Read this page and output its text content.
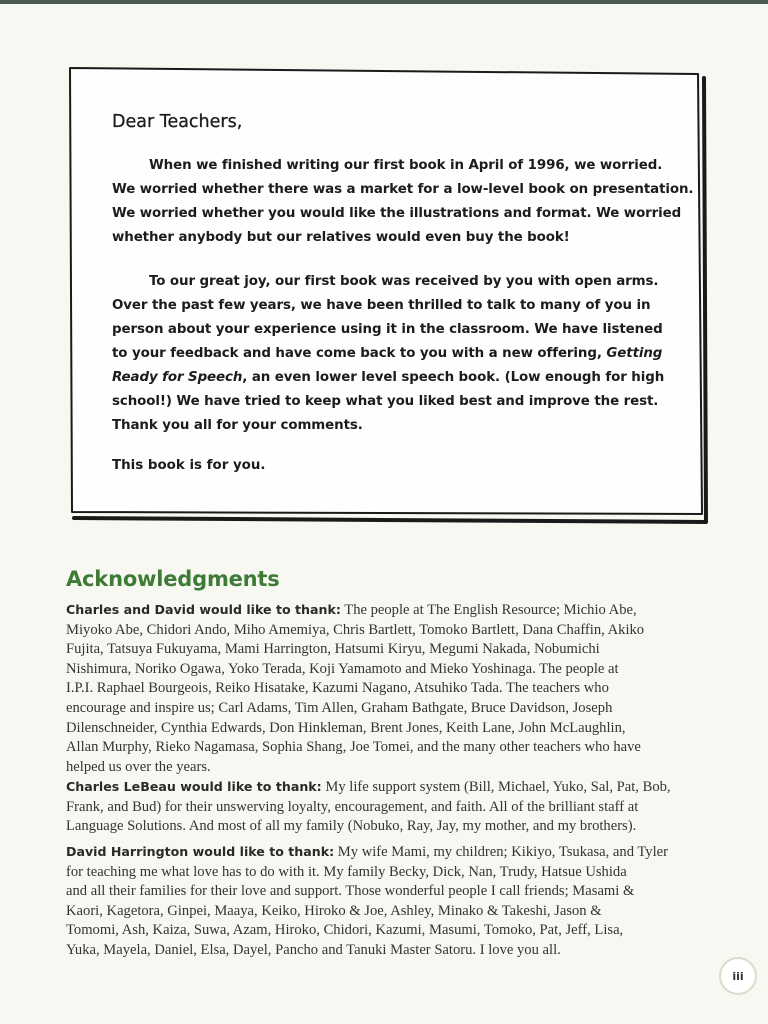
Dear Teachers,

When we finished writing our first book in April of 1996, we worried.
We worried whether there was a market for a low-level book on presentation.
We worried whether you would like the illustrations and format. We worried
whether anybody but our relatives would even buy the book!

To our great joy, our first book was received by you with open arms.
Over the past few years, we have been thrilled to talk to many of you in
person about your experience using it in the classroom. We have listened
to your feedback and have come back to you with a new offering, Getting
Ready for Speech, an even lower level speech book. (Low enough for high
school!) We have tried to keep what you liked best and improve the rest.
Thank you all for your comments.

This book is for you.

Acknowledgments

Charles and David would like to thank: The people at The English Resource; Michio Abe,
Miyoko Abe, Chidori Ando, Miho Amemiya, Chris Bartlett, Tomoko Bartlett, Dana Chaffin, Akiko
Fujita, Tatsuya Fukuyama, Mami Harrington, Hatsumi Kiryu, Megumi Nakada, Nobumichi
Nishimura, Noriko Ogawa, Yoko Terada, Koji Yamamoto and Mieko Yoshinaga. The people at
I.P.I. Raphael Bourgeois, Reiko Hisatake, Kazumi Nagano, Atsuhiko Tada. The teachers who
encourage and inspire us; Carl Adams, Tim Allen, Graham Bathgate, Bruce Davidson, Joseph
Dilenschneider, Cynthia Edwards, Don Hinkleman, Brent Jones, Keith Lane, John McLaughlin,
Allan Murphy, Rieko Nagamasa, Sophia Shang, Joe Tomei, and the many other teachers who have
helped us over the years.

Charles LeBeau would like to thank: My life support system (Bill, Michael, Yuko, Sal, Pat, Bob,
Frank, and Bud) for their unswerving loyalty, encouragement, and faith. All of the brilliant staff at
Language Solutions. And most of all my family (Nobuko, Ray, Jay, my mother, and my brothers).

David Harrington would like to thank: My wife Mami, my children; Kikiyo, Tsukasa, and Tyler
for teaching me what love has to do with it. My family Becky, Dick, Nan, Trudy, Hatsue Ushida
and all their families for their love and support. Those wonderful people I call friends; Masami &
Kaori, Kagetora, Ginpei, Maaya, Keiko, Hiroko & Joe, Ashley, Minako & Takeshi, Jason &
Tomomi, Ash, Kaiza, Suwa, Azam, Hiroko, Chidori, Kazumi, Masumi, Tomoko, Pat, Jeff, Lisa,
Yuka, Mayela, Daniel, Elsa, Dayel, Pancho and Tanuki Master Satoru. I love you all.

iii
